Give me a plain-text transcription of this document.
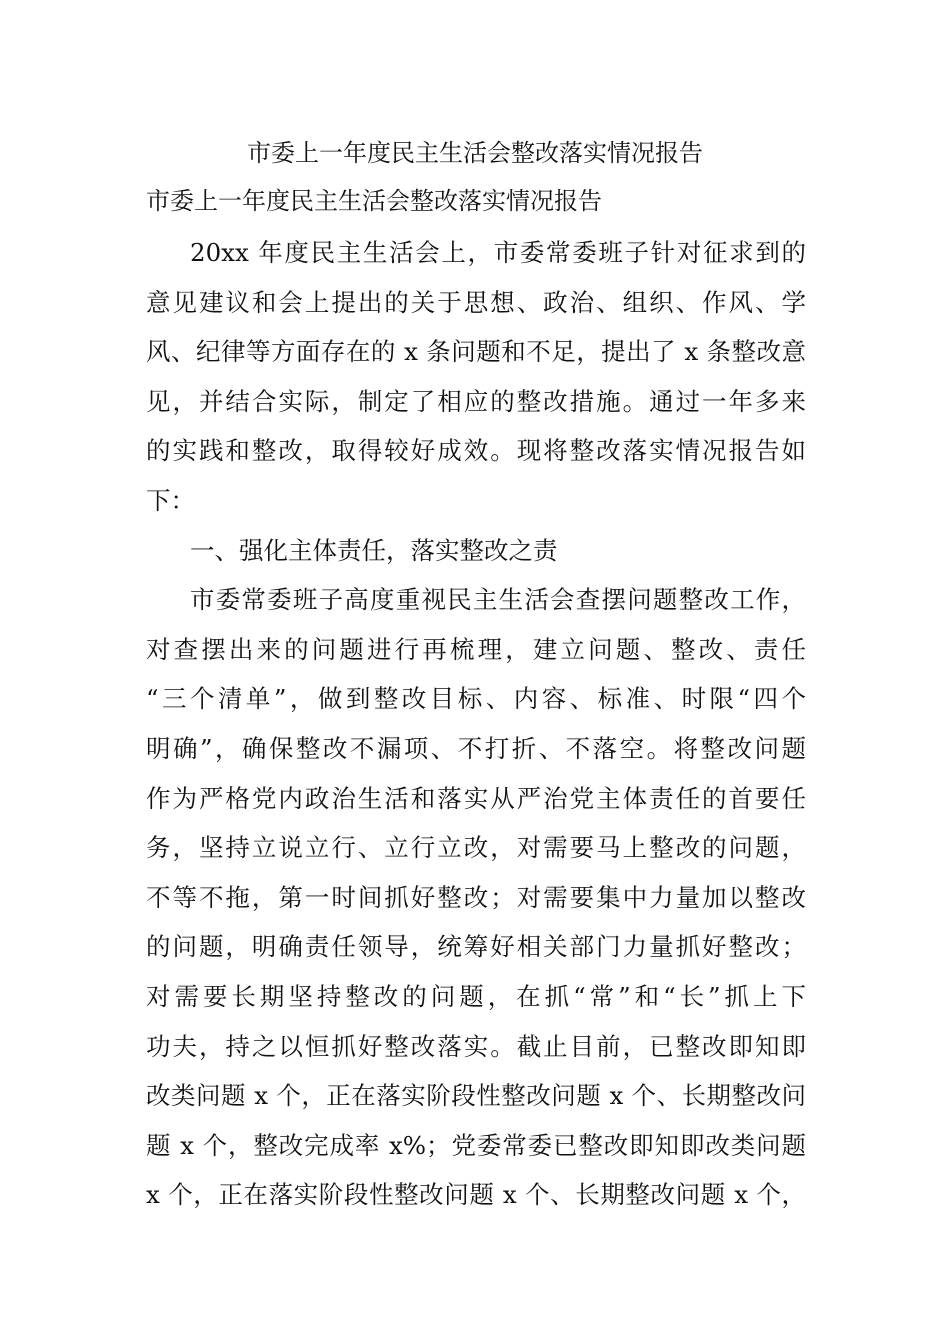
市委上一年度民主生活会整改落实情况报告
市委上一年度民主生活会整改落实情况报告
20xx 年度民主生活会上，市委常委班子针对征求到的
意见建议和会上提出的关于思想、政治、组织、作风、学
风、纪律等方面存在的 x 条问题和不足，提出了 x 条整改意
见，并结合实际，制定了相应的整改措施。通过一年多来
的实践和整改，取得较好成效。现将整改落实情况报告如
下：
一、强化主体责任，落实整改之责
市委常委班子高度重视民主生活会查摆问题整改工作，
对查摆出来的问题进行再梳理，建立问题、整改、责任
“三个清单”，做到整改目标、内容、标准、时限“四个
明确”，确保整改不漏项、不打折、不落空。将整改问题
作为严格党内政治生活和落实从严治党主体责任的首要任
务，坚持立说立行、立行立改，对需要马上整改的问题，
不等不拖，第一时间抓好整改；对需要集中力量加以整改
的问题，明确责任领导，统筹好相关部门力量抓好整改；
对需要长期坚持整改的问题，在抓“常”和“长”抓上下
功夫，持之以恒抓好整改落实。截止目前，已整改即知即
改类问题 x 个，正在落实阶段性整改问题 x 个、长期整改问
题 x 个，整改完成率 x%；党委常委已整改即知即改类问题
x 个，正在落实阶段性整改问题 x 个、长期整改问题 x 个，
